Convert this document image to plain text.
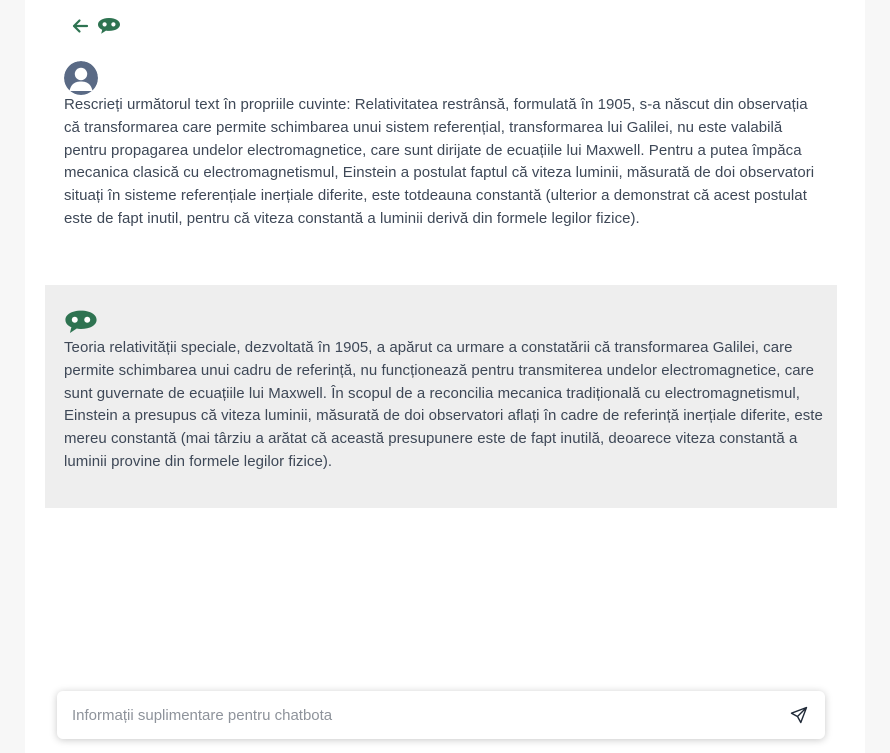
Rescrieți următorul text în propriile cuvinte: Relativitatea restrânsă, formulată în 1905, s-a născut din observația că transformarea care permite schimbarea unui sistem referențial, transformarea lui Galilei, nu este valabilă pentru propagarea undelor electromagnetice, care sunt dirijate de ecuațiile lui Maxwell. Pentru a putea împăca mecanica clasică cu electromagnetismul, Einstein a postulat faptul că viteza luminii, măsurată de doi observatori situați în sisteme referențiale inerțiale diferite, este totdeauna constantă (ulterior a demonstrat că acest postulat este de fapt inutil, pentru că viteza constantă a luminii derivă din formele legilor fizice).
Teoria relativității speciale, dezvoltată în 1905, a apărut ca urmare a constatării că transformarea Galilei, care permite schimbarea unui cadru de referință, nu funcționează pentru transmiterea undelor electromagnetice, care sunt guvernate de ecuațiile lui Maxwell. În scopul de a reconcilia mecanica tradițională cu electromagnetismul, Einstein a presupus că viteza luminii, măsurată de doi observatori aflați în cadre de referință inerțiale diferite, este mereu constantă (mai târziu a arătat că această presupunere este de fapt inutilă, deoarece viteza constantă a luminii provine din formele legilor fizice).
Informații suplimentare pentru chatbota
